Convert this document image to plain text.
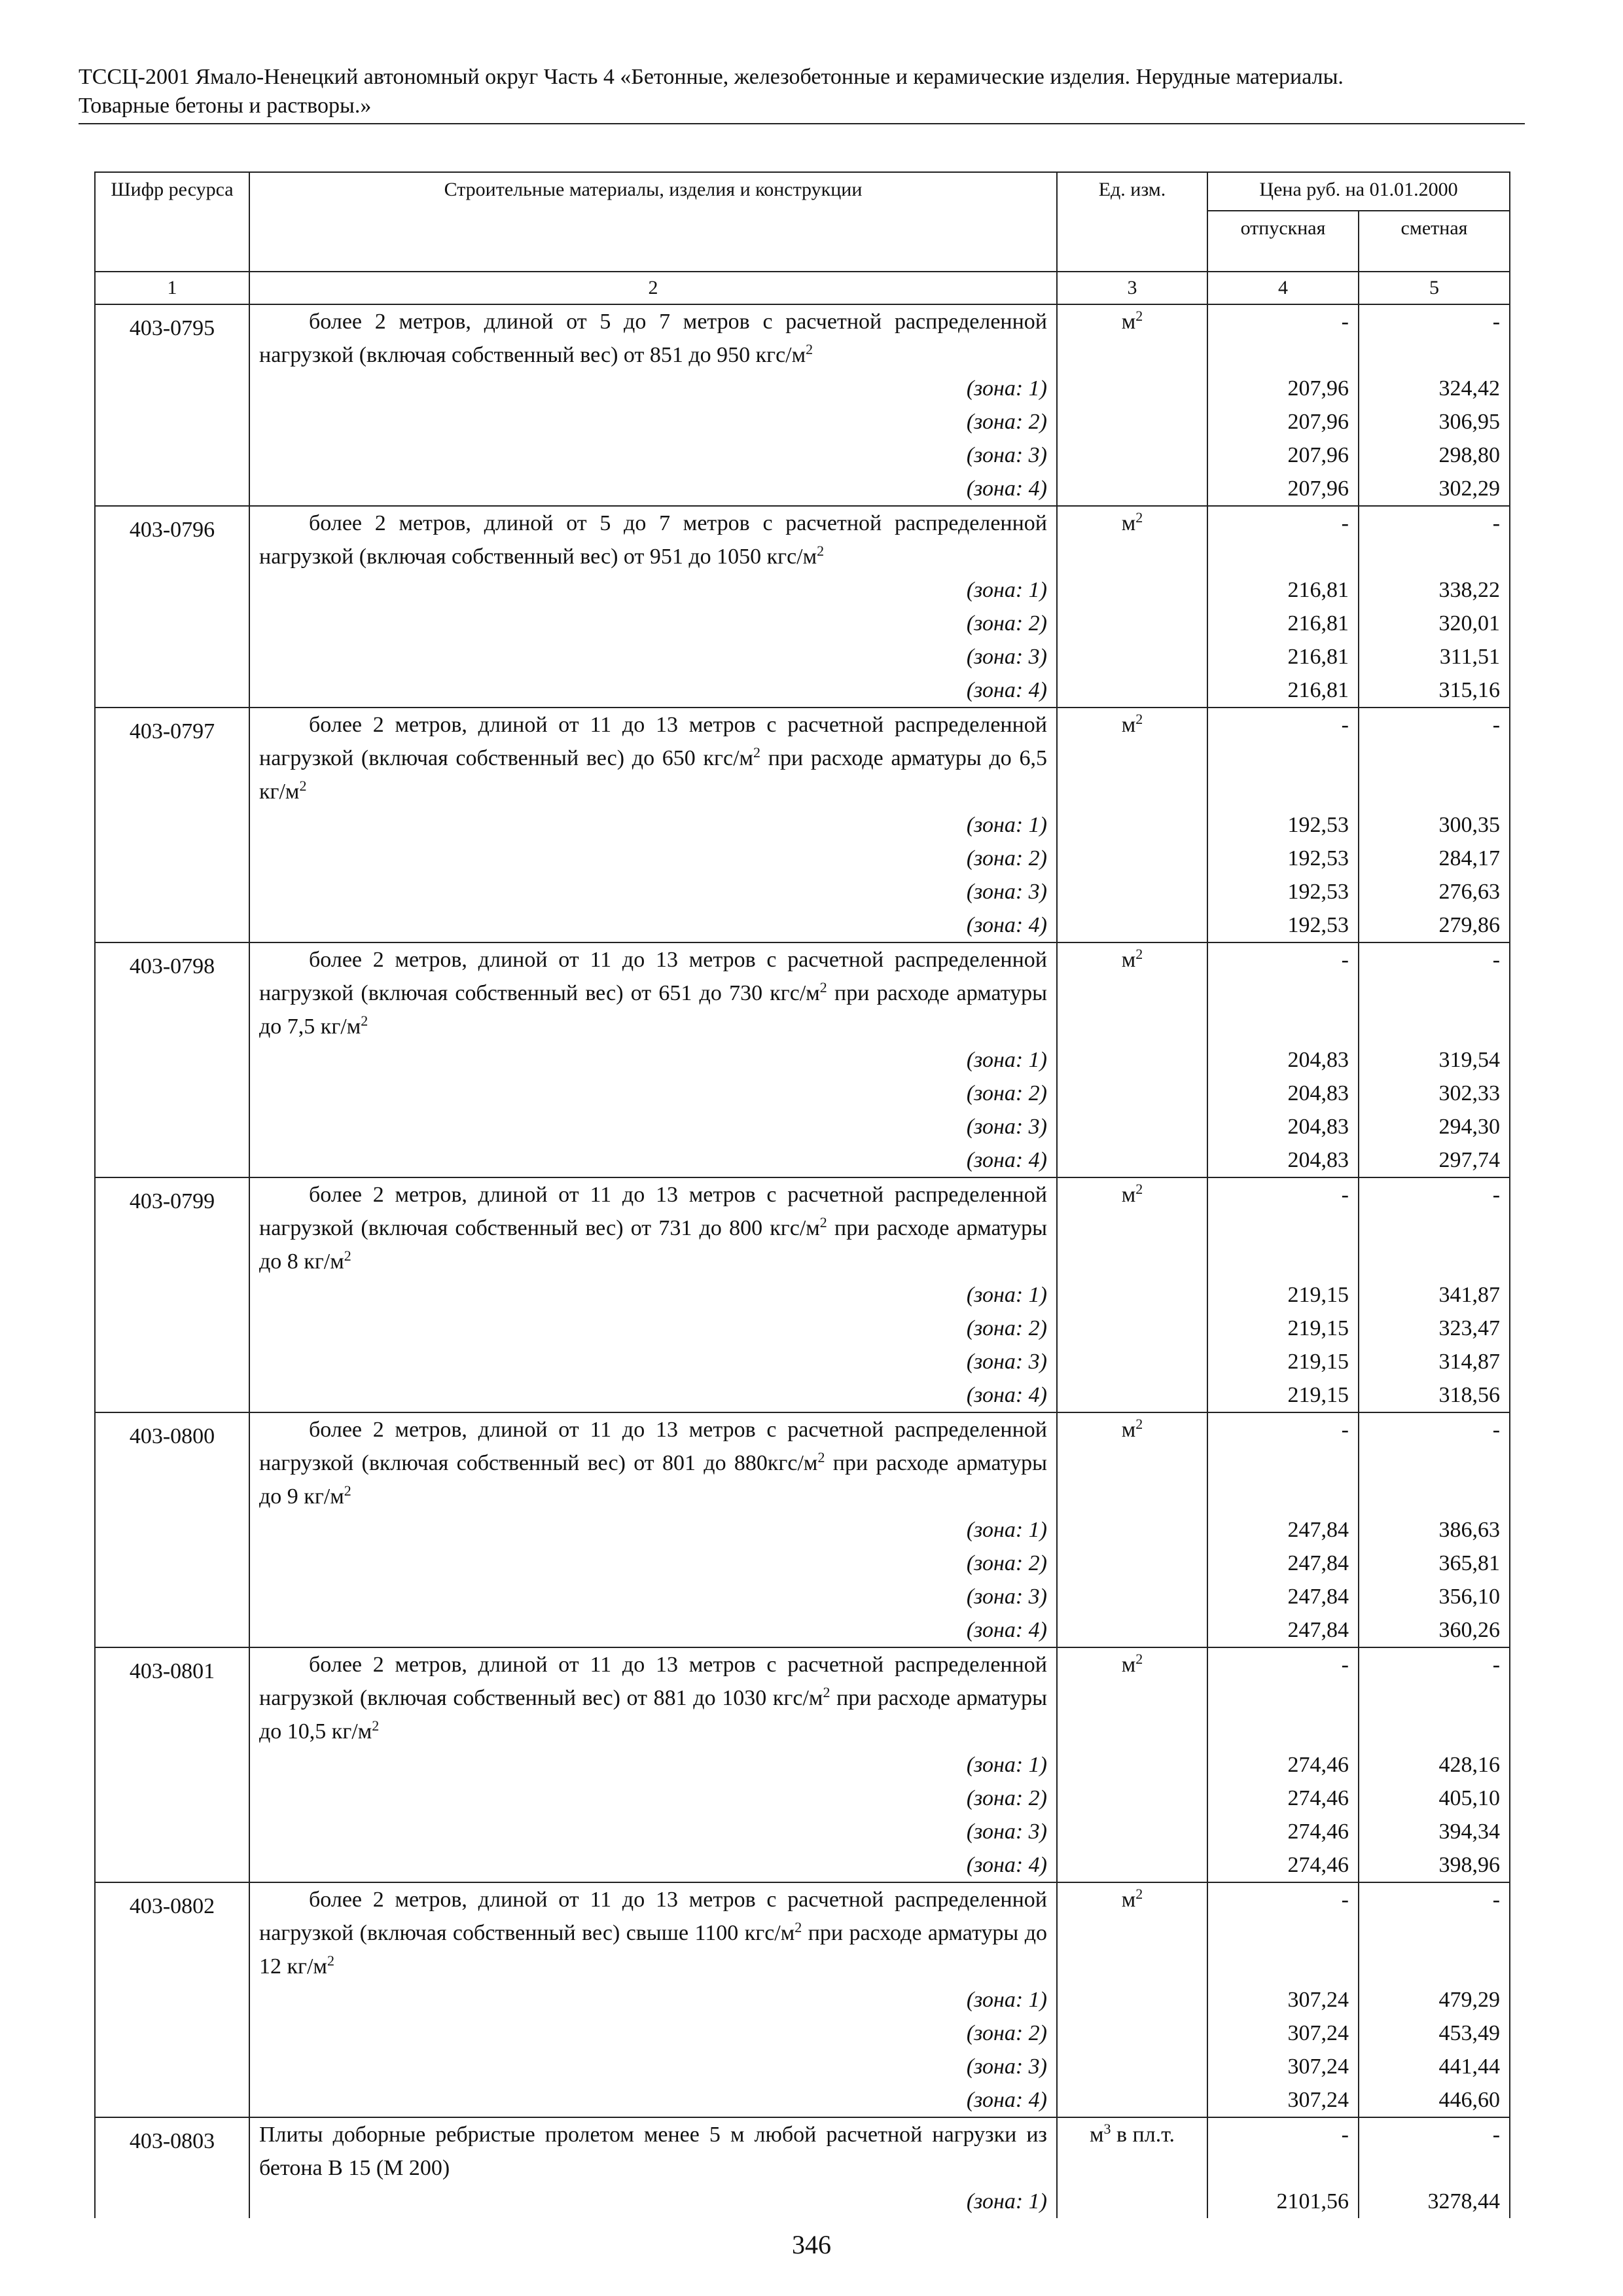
ТССЦ-2001 Ямало-Ненецкий автономный округ Часть 4 «Бетонные, железобетонные и керамические изделия. Нерудные материалы.
Товарные бетоны и растворы.»
Шифр ресурса	Строительные материалы, изделия и конструкции	Ед. изм.	Цена руб. на 01.01.2000	
			отпускная	сметная
1	2	3	4	5
403-0795	более 2 метров, длиной от 5 до 7 метров с расчетной распределенной нагрузкой (включая собственный вес) от 851 до 950 кгс/$м^2$	$м^2$	-	-
	(зона: 1)		207,96	324,42
	(зона: 2)		207,96	306,95
	(зона: 3)		207,96	298,80
	(зона: 4)		207,96	302,29
403-0796	более 2 метров, длиной от 5 до 7 метров с расчетной распределенной нагрузкой (включая собственный вес) от 951 до 1050 кгс/$м^2$	$м^2$	-	-
	(зона: 1)		216,81	338,22
	(зона: 2)		216,81	320,01
	(зона: 3)		216,81	311,51
	(зона: 4)		216,81	315,16
403-0797	более 2 метров, длиной от 11 до 13 метров с расчетной распределенной нагрузкой (включая собственный вес) до 650 кгс/$м^2$ при расходе арматуры до 6,5 $кг/м^2$	$м^2$	-	-
	(зона: 1)		192,53	300,35
	(зона: 2)		192,53	284,17
	(зона: 3)		192,53	276,63
	(зона: 4)		192,53	279,86
403-0798	более 2 метров, длиной от 11 до 13 метров с расчетной распределенной нагрузкой (включая собственный вес) от 651 до 730 кгс/$м^2$ при расходе арматуры до 7,5 $кг/м^2$	$м^2$	-	-
	(зона: 1)		204,83	319,54
	(зона: 2)		204,83	302,33
	(зона: 3)		204,83	294,30
	(зона: 4)		204,83	297,74
403-0799	более 2 метров, длиной от 11 до 13 метров с расчетной распределенной нагрузкой (включая собственный вес) от 731 до 800 кгс/$м^2$ при расходе арматуры до 8 $кг/м^2$	$м^2$	-	-
	(зона: 1)		219,15	341,87
	(зона: 2)		219,15	323,47
	(зона: 3)		219,15	314,87
	(зона: 4)		219,15	318,56
403-0800	более 2 метров, длиной от 11 до 13 метров с расчетной распределенной нагрузкой (включая собственный вес) от 801 до $880кгс/м^2$ при расходе арматуры до 9 $кг/м^2$	$м^2$	-	-
	(зона: 1)		247,84	386,63
	(зона: 2)		247,84	365,81
	(зона: 3)		247,84	356,10
	(зона: 4)		247,84	360,26
403-0801	более 2 метров, длиной от 11 до 13 метров с расчетной распределенной нагрузкой (включая собственный вес) от 881 до 1030 кгс/$м^2$ при расходе арматуры до 10,5 $кг/м^2$	$м^2$	-	-
	(зона: 1)		274,46	428,16
	(зона: 2)		274,46	405,10
	(зона: 3)		274,46	394,34
	(зона: 4)		274,46	398,96
403-0802	более 2 метров, длиной от 11 до 13 метров с расчетной распределенной нагрузкой (включая собственный вес) свыше 1100 кгс/$м^2$ при расходе арматуры до 12 $кг/м^2$	$м^2$	-	-
	(зона: 1)		307,24	479,29
	(зона: 2)		307,24	453,49
	(зона: 3)		307,24	441,44
	(зона: 4)		307,24	446,60
403-0803	Плиты доборные ребристые пролетом менее 5 м любой расчетной нагрузки из бетона В 15 (М 200)	$м^3$ в пл.т.	-	-
	(зона: 1)		2101,56	3278,44
346
